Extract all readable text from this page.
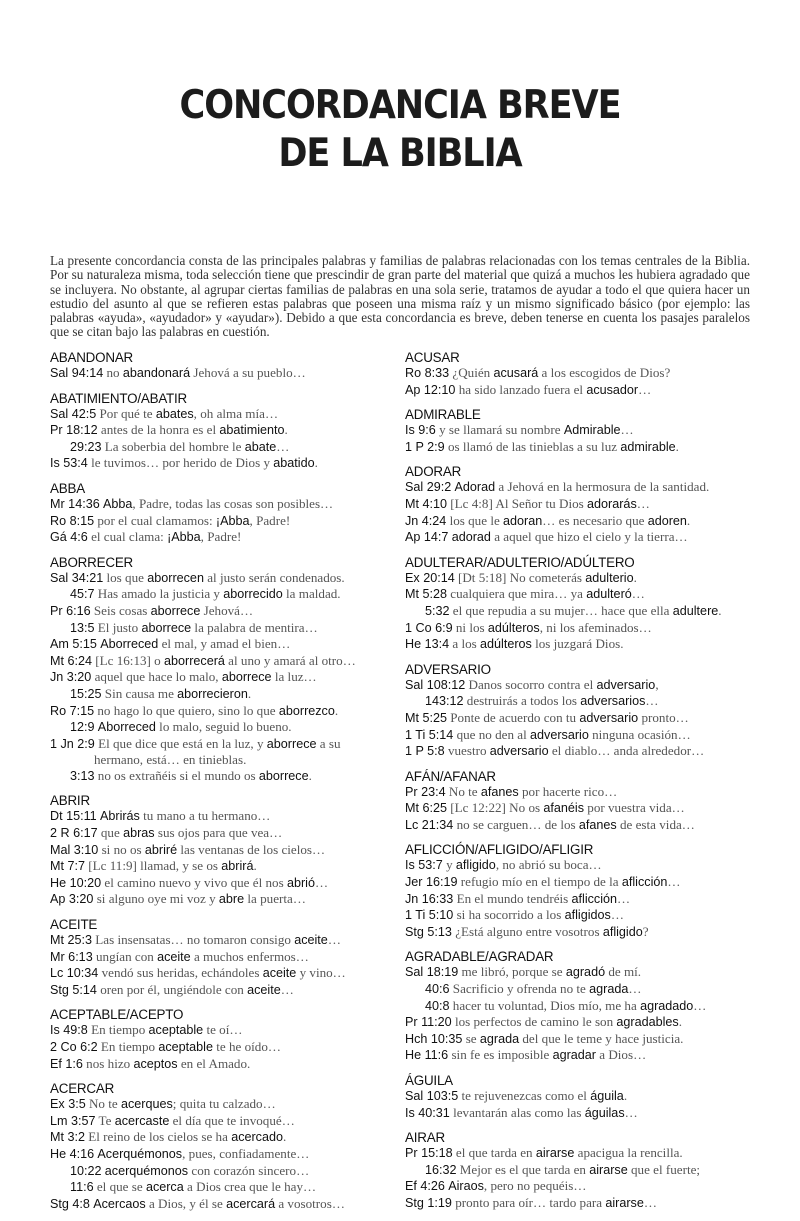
CONCORDANCIA BREVE
DE LA BIBLIA
La presente concordancia consta de las principales palabras y familias de palabras relacionadas con los temas centrales de la Biblia. Por su naturaleza misma, toda selección tiene que prescindir de gran parte del material que quizá a muchos les hubiera agradado que se incluyera. No obstante, al agrupar ciertas familias de palabras en una sola serie, tratamos de ayudar a todo el que quiera hacer un estudio del asunto al que se refieren estas palabras que poseen una misma raíz y un mismo significado básico (por ejemplo: las palabras «ayuda», «ayudador» y «ayudar»). Debido a que esta concordancia es breve, deben tenerse en cuenta los pasajes paralelos que se citan bajo las palabras en cuestión.
ABANDONAR
Sal 94:14 no abandonará Jehová a su pueblo…
ABATIMIENTO/ABATIR
Sal 42:5 Por qué te abates, oh alma mía…
Pr 18:12 antes de la honra es el abatimiento.
29:23 La soberbia del hombre le abate…
Is 53:4 le tuvimos… por herido de Dios y abatido.
ABBA
Mr 14:36 Abba, Padre, todas las cosas son posibles…
Ro 8:15 por el cual clamamos: ¡Abba, Padre!
Gá 4:6 el cual clama: ¡Abba, Padre!
ABORRECER
Sal 34:21 los que aborrecen al justo serán condenados.
45:7 Has amado la justicia y aborrecido la maldad.
Pr 6:16 Seis cosas aborrece Jehová…
13:5 El justo aborrece la palabra de mentira…
Am 5:15 Aborreced el mal, y amad el bien…
Mt 6:24 [Lc 16:13] o aborrecerá al uno y amará al otro…
Jn 3:20 aquel que hace lo malo, aborrece la luz…
15:25 Sin causa me aborrecieron.
Ro 7:15 no hago lo que quiero, sino lo que aborrezco.
12:9 Aborreced lo malo, seguid lo bueno.
1 Jn 2:9 El que dice que está en la luz, y aborrece a su
hermano, está… en tinieblas.
3:13 no os extrañéis si el mundo os aborrece.
ABRIR
Dt 15:11 Abrirás tu mano a tu hermano…
2 R 6:17 que abras sus ojos para que vea…
Mal 3:10 si no os abriré las ventanas de los cielos…
Mt 7:7 [Lc 11:9] llamad, y se os abrirá.
He 10:20 el camino nuevo y vivo que él nos abrió…
Ap 3:20 si alguno oye mi voz y abre la puerta…
ACEITE
Mt 25:3 Las insensatas… no tomaron consigo aceite…
Mr 6:13 ungían con aceite a muchos enfermos…
Lc 10:34 vendó sus heridas, echándoles aceite y vino…
Stg 5:14 oren por él, ungiéndole con aceite…
ACEPTABLE/ACEPTO
Is 49:8 En tiempo aceptable te oí…
2 Co 6:2 En tiempo aceptable te he oído…
Ef 1:6 nos hizo aceptos en el Amado.
ACERCAR
Ex 3:5 No te acerques; quita tu calzado…
Lm 3:57 Te acercaste el día que te invoqué…
Mt 3:2 El reino de los cielos se ha acercado.
He 4:16 Acerquémonos, pues, confiadamente…
10:22 acerquémonos con corazón sincero…
11:6 el que se acerca a Dios crea que le hay…
Stg 4:8 Acercaos a Dios, y él se acercará a vosotros…
ACUSAR
Ro 8:33 ¿Quién acusará a los escogidos de Dios?
Ap 12:10 ha sido lanzado fuera el acusador…
ADMIRABLE
Is 9:6 y se llamará su nombre Admirable…
1 P 2:9 os llamó de las tinieblas a su luz admirable.
ADORAR
Sal 29:2 Adorad a Jehová en la hermosura de la santidad.
Mt 4:10 [Lc 4:8] Al Señor tu Dios adorarás…
Jn 4:24 los que le adoran… es necesario que adoren.
Ap 14:7 adorad a aquel que hizo el cielo y la tierra…
ADULTERAR/ADULTERIO/ADÚLTERO
Ex 20:14 [Dt 5:18] No cometerás adulterio.
Mt 5:28 cualquiera que mira… ya adulteró…
5:32 el que repudia a su mujer… hace que ella adultere.
1 Co 6:9 ni los adúlteros, ni los afeminados…
He 13:4 a los adúlteros los juzgará Dios.
ADVERSARIO
Sal 108:12 Danos socorro contra el adversario,
143:12 destruirás a todos los adversarios…
Mt 5:25 Ponte de acuerdo con tu adversario pronto…
1 Ti 5:14 que no den al adversario ninguna ocasión…
1 P 5:8 vuestro adversario el diablo… anda alrededor…
AFÁN/AFANAR
Pr 23:4 No te afanes por hacerte rico…
Mt 6:25 [Lc 12:22] No os afanéis por vuestra vida…
Lc 21:34 no se carguen… de los afanes de esta vida…
AFLICCIÓN/AFLIGIDO/AFLIGIR
Is 53:7 y afligido, no abrió su boca…
Jer 16:19 refugio mío en el tiempo de la aflicción…
Jn 16:33 En el mundo tendréis aflicción…
1 Ti 5:10 si ha socorrido a los afligidos…
Stg 5:13 ¿Está alguno entre vosotros afligido?
AGRADABLE/AGRADAR
Sal 18:19 me libró, porque se agradó de mí.
40:6 Sacrificio y ofrenda no te agrada…
40:8 hacer tu voluntad, Dios mío, me ha agradado…
Pr 11:20 los perfectos de camino le son agradables.
Hch 10:35 se agrada del que le teme y hace justicia.
He 11:6 sin fe es imposible agradar a Dios…
ÁGUILA
Sal 103:5 te rejuvenezcas como el águila.
Is 40:31 levantarán alas como las águilas…
AIRAR
Pr 15:18 el que tarda en airarse apacigua la rencilla.
16:32 Mejor es el que tarda en airarse que el fuerte;
Ef 4:26 Airaos, pero no pequéis…
Stg 1:19 pronto para oír… tardo para airarse…
